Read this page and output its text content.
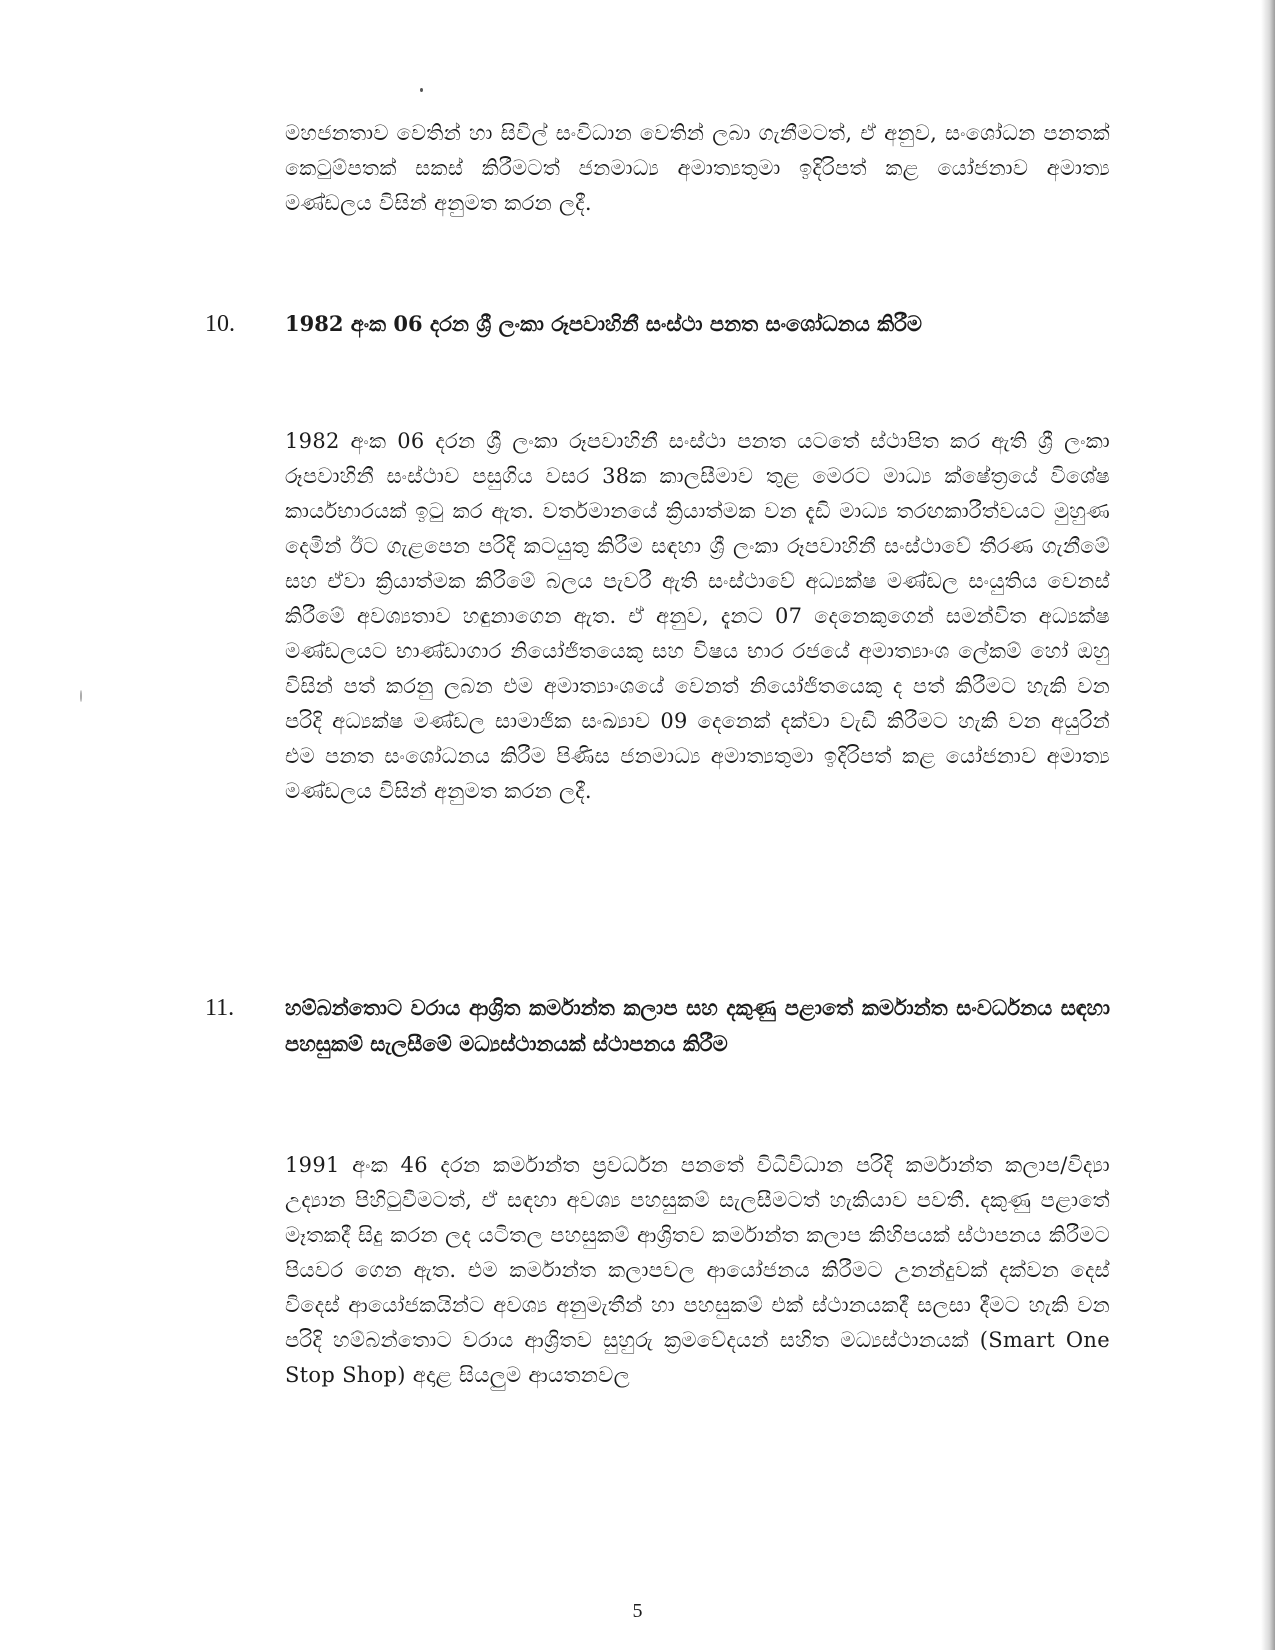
මහජනතාව වෙතින් හා සිවිල් සංවිධාන වෙතින් ලබා ගැනීමටත්, ඒ අනුව, සංශෝධන පනතක් කෙටුම්පතක් සකස් කිරීමටත් ජනමාධ්‍ය අමාත්‍යතුමා ඉදිරිපත් කළ යෝජනාව අමාත්‍ය මණ්ඩලය විසින් අනුමත කරන ලදී.

10. 1982 අංක 06 දරන ශ්‍රී ලංකා රූපවාහිනී සංස්ථා පනත සංශෝධනය කිරීම

1982 අංක 06 දරන ශ්‍රී ලංකා රූපවාහිනී සංස්ථා පනත යටතේ ස්ථාපිත කර ඇති ශ්‍රී ලංකා රූපවාහිනී සංස්ථාව පසුගිය වසර 38ක කාලසීමාව තුළ මෙරට මාධ්‍ය ක්ෂේත්‍රයේ විශේෂ කාර්යභාරයක් ඉටු කර ඇත. වර්තමානයේ ක්‍රියාත්මක වන දැඩි මාධ්‍ය තරඟකාරීත්වයට මුහුණ දෙමින් ඊට ගැළපෙන පරිදි කටයුතු කිරීම සඳහා ශ්‍රී ලංකා රූපවාහිනී සංස්ථාවේ තීරණ ගැනීමේ සහ ඒවා ක්‍රියාත්මක කිරීමේ බලය පැවරී ඇති සංස්ථාවේ අධ්‍යක්ෂ මණ්ඩල සංයුතිය වෙනස් කිරීමේ අවශ්‍යතාව හඳුනාගෙන ඇත. ඒ අනුව, දැනට 07 දෙනෙකුගෙන් සමන්විත අධ්‍යක්ෂ මණ්ඩලයට භාණ්ඩාගාර නියෝජිතයෙකු සහ විෂය භාර රජයේ අමාත්‍යාංශ ලේකම් හෝ ඔහු විසින් පත් කරනු ලබන එම අමාත්‍යාංශයේ වෙනත් නියෝජිතයෙකු ද පත් කිරීමට හැකි වන පරිදි අධ්‍යක්ෂ මණ්ඩල සාමාජික සංඛ්‍යාව 09 දෙනෙක් දක්වා වැඩි කිරීමට හැකි වන අයුරින් එම පනත සංශෝධනය කිරීම පිණිස ජනමාධ්‍ය අමාත්‍යතුමා ඉදිරිපත් කළ යෝජනාව අමාත්‍ය මණ්ඩලය විසින් අනුමත කරන ලදී.

11. හම්බන්තොට වරාය ආශ්‍රිත කර්මාන්ත කලාප සහ දකුණු පළාතේ කර්මාන්ත සංවර්ධනය සඳහා පහසුකම් සැලසීමේ මධ්‍යස්ථානයක් ස්ථාපනය කිරීම

1991 අංක 46 දරන කර්මාන්ත ප්‍රවර්ධන පනතේ විධිවිධාන පරිදි කර්මාන්ත කලාප/විද්‍යා උද්‍යාන පිහිටුවීමටත්, ඒ සඳහා අවශ්‍ය පහසුකම් සැලසීමටත් හැකියාව පවතී. දකුණු පළාතේ මෑතකදී සිදු කරන ලද යටිතල පහසුකම් ආශ්‍රිතව කර්මාන්ත කලාප කිහිපයක් ස්ථාපනය කිරීමට පියවර ගෙන ඇත. එම කර්මාන්ත කලාපවල ආයෝජනය කිරීමට උනන්දුවක් දක්වන දෙස් විදෙස් ආයෝජකයින්ට අවශ්‍ය අනුමැතීන් හා පහසුකම් එක් ස්ථානයකදී සලසා දීමට හැකි වන පරිදි හම්බන්තොට වරාය ආශ්‍රිතව සුහුරු ක්‍රමවේදයන් සහිත මධ්‍යස්ථානයක් (Smart One Stop Shop) අදාළ සියලුම ආයතනවල

5
